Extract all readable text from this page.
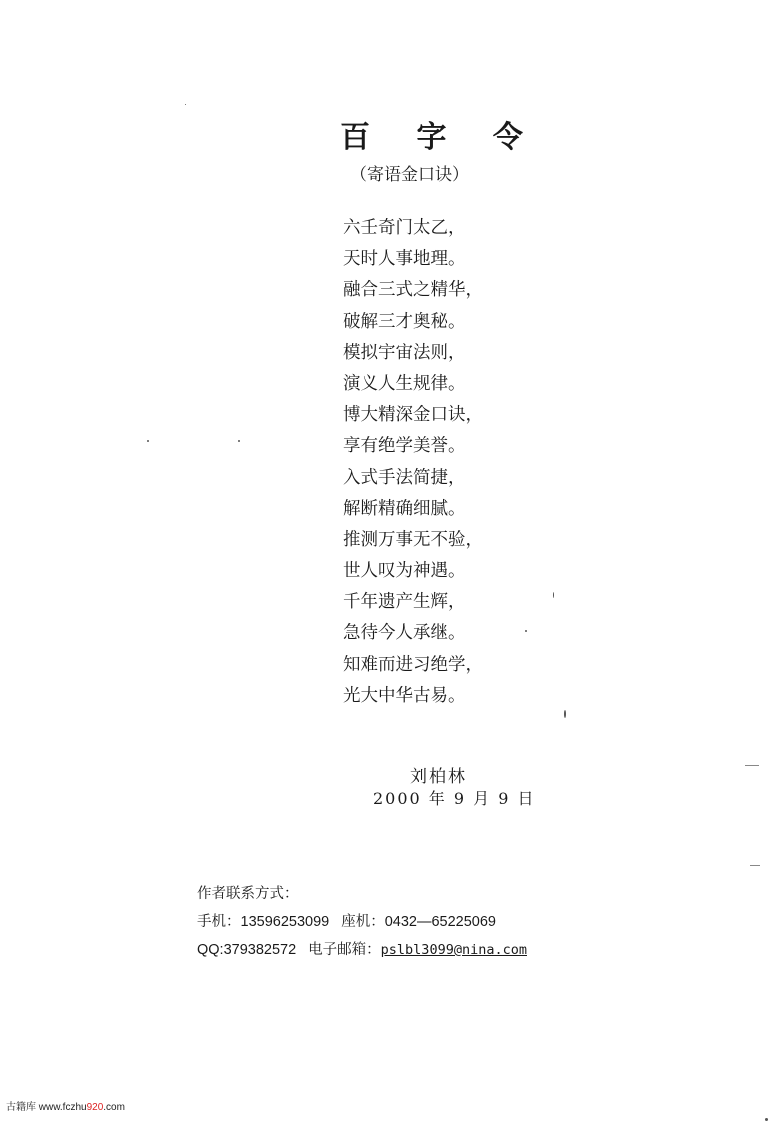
百 字 令
（寄语金口诀）
六壬奇门太乙，
天时人事地理。
融合三式之精华，
破解三才奥秘。
模拟宇宙法则，
演义人生规律。
博大精深金口诀，
享有绝学美誉。
入式手法简捷，
解断精确细腻。
推测万事无不验，
世人叹为神遇。
千年遗产生辉，
急待今人承继。
知难而进习绝学，
光大中华古易。
刘柏林
2000 年 9 月 9 日
作者联系方式：
手机：13596253099 座机：0432—65225069
QQ:379382572 电子邮箱：pslbl3099@nina.com
古籍库 www.fczhu920.com
